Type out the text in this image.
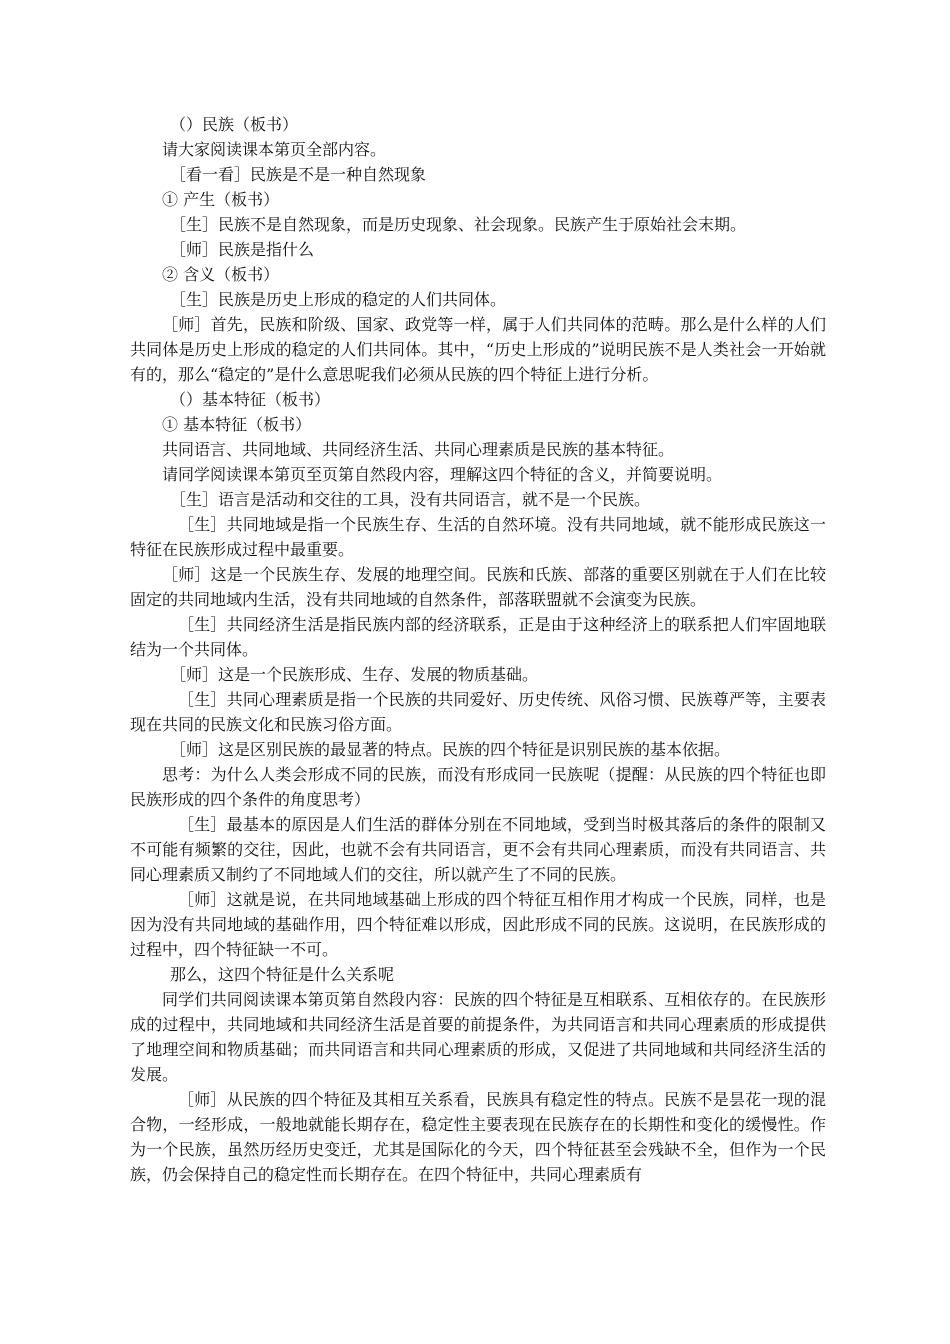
（）民族（板书）

请大家阅读课本第页全部内容。

［看一看］民族是不是一种自然现象

① 产生（板书）

［生］民族不是自然现象，而是历史现象、社会现象。民族产生于原始社会末期。

［师］民族是指什么

② 含义（板书）

［生］民族是历史上形成的稳定的人们共同体。

［师］首先，民族和阶级、国家、政党等一样，属于人们共同体的范畴。那么是什么样的人们共同体是历史上形成的稳定的人们共同体。其中，“历史上形成的”说明民族不是人类社会一开始就有的，那么“稳定的”是什么意思呢我们必须从民族的四个特征上进行分析。

（）基本特征（板书）

① 基本特征（板书）

共同语言、共同地域、共同经济生活、共同心理素质是民族的基本特征。

请同学阅读课本第页至页第自然段内容，理解这四个特征的含义，并简要说明。

［生］语言是活动和交往的工具，没有共同语言，就不是一个民族。

［生］共同地域是指一个民族生存、生活的自然环境。没有共同地域，就不能形成民族这一特征在民族形成过程中最重要。

［师］这是一个民族生存、发展的地理空间。民族和氏族、部落的重要区别就在于人们在比较固定的共同地域内生活，没有共同地域的自然条件，部落联盟就不会演变为民族。

［生］共同经济生活是指民族内部的经济联系，正是由于这种经济上的联系把人们牢固地联结为一个共同体。

［师］这是一个民族形成、生存、发展的物质基础。

［生］共同心理素质是指一个民族的共同爱好、历史传统、风俗习惯、民族尊严等，主要表现在共同的民族文化和民族习俗方面。

［师］这是区别民族的最显著的特点。民族的四个特征是识别民族的基本依据。

思考：为什么人类会形成不同的民族，而没有形成同一民族呢（提醒：从民族的四个特征也即民族形成的四个条件的角度思考）

［生］最基本的原因是人们生活的群体分别在不同地域，受到当时极其落后的条件的限制又不可能有频繁的交往，因此，也就不会有共同语言，更不会有共同心理素质，而没有共同语言、共同心理素质又制约了不同地域人们的交往，所以就产生了不同的民族。

［师］这就是说，在共同地域基础上形成的四个特征互相作用才构成一个民族，同样，也是因为没有共同地域的基础作用，四个特征难以形成，因此形成不同的民族。这说明，在民族形成的过程中，四个特征缺一不可。

那么，这四个特征是什么关系呢

同学们共同阅读课本第页第自然段内容：民族的四个特征是互相联系、互相依存的。在民族形成的过程中，共同地域和共同经济生活是首要的前提条件，为共同语言和共同心理素质的形成提供了地理空间和物质基础；而共同语言和共同心理素质的形成，又促进了共同地域和共同经济生活的发展。

［师］从民族的四个特征及其相互关系看，民族具有稳定性的特点。民族不是昙花一现的混合物，一经形成，一般地就能长期存在，稳定性主要表现在民族存在的长期性和变化的缓慢性。作为一个民族，虽然历经历史变迁，尤其是国际化的今天，四个特征甚至会残缺不全，但作为一个民族，仍会保持自己的稳定性而长期存在。在四个特征中，共同心理素质有
